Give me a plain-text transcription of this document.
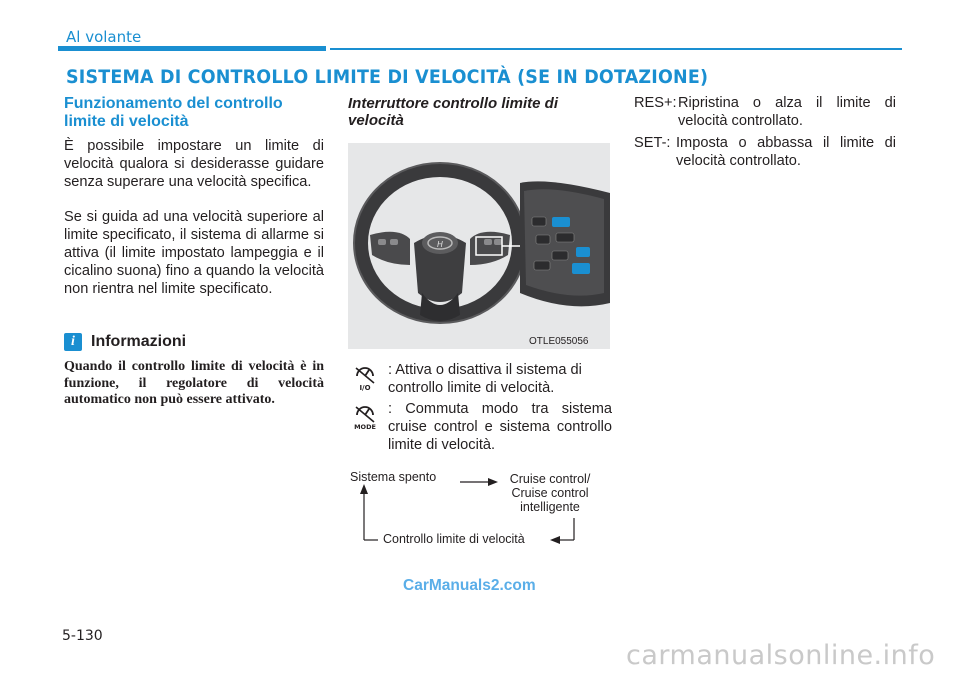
Al volante
SISTEMA DI CONTROLLO LIMITE DI VELOCITÀ (SE IN DOTAZIONE)
Funzionamento del controllo limite di velocità
È possibile impostare un limite di velocità qualora si desiderasse guidare senza superare una velocità specifica.
Se si guida ad una velocità superiore al limite specificato, il sistema di allarme si attiva (il limite impostato lampeggia e il cicalino suona) fino a quando la velocità non rientra nel limite specificato.
i	Informazioni
Quando il controllo limite di velocità è in funzione, il regolatore di velocità automatico non può essere attivato.
Interruttore controllo limite di velocità
H
OTLE055056
I/O
: Attiva o disattiva il sistema di controllo limite di velocità.
MODE
: Commuta modo tra sistema cruise control e sistema controllo limite di velocità.
Sistema spento	Cruise control/
Cruise control
intelligente
Controllo limite di velocità
RES+: Ripristina o alza il limite di velocità controllato.
SET-: Imposta o abbassa il limite di velocità controllato.
CarManuals2.com
5-130
carmanualsonline.info
